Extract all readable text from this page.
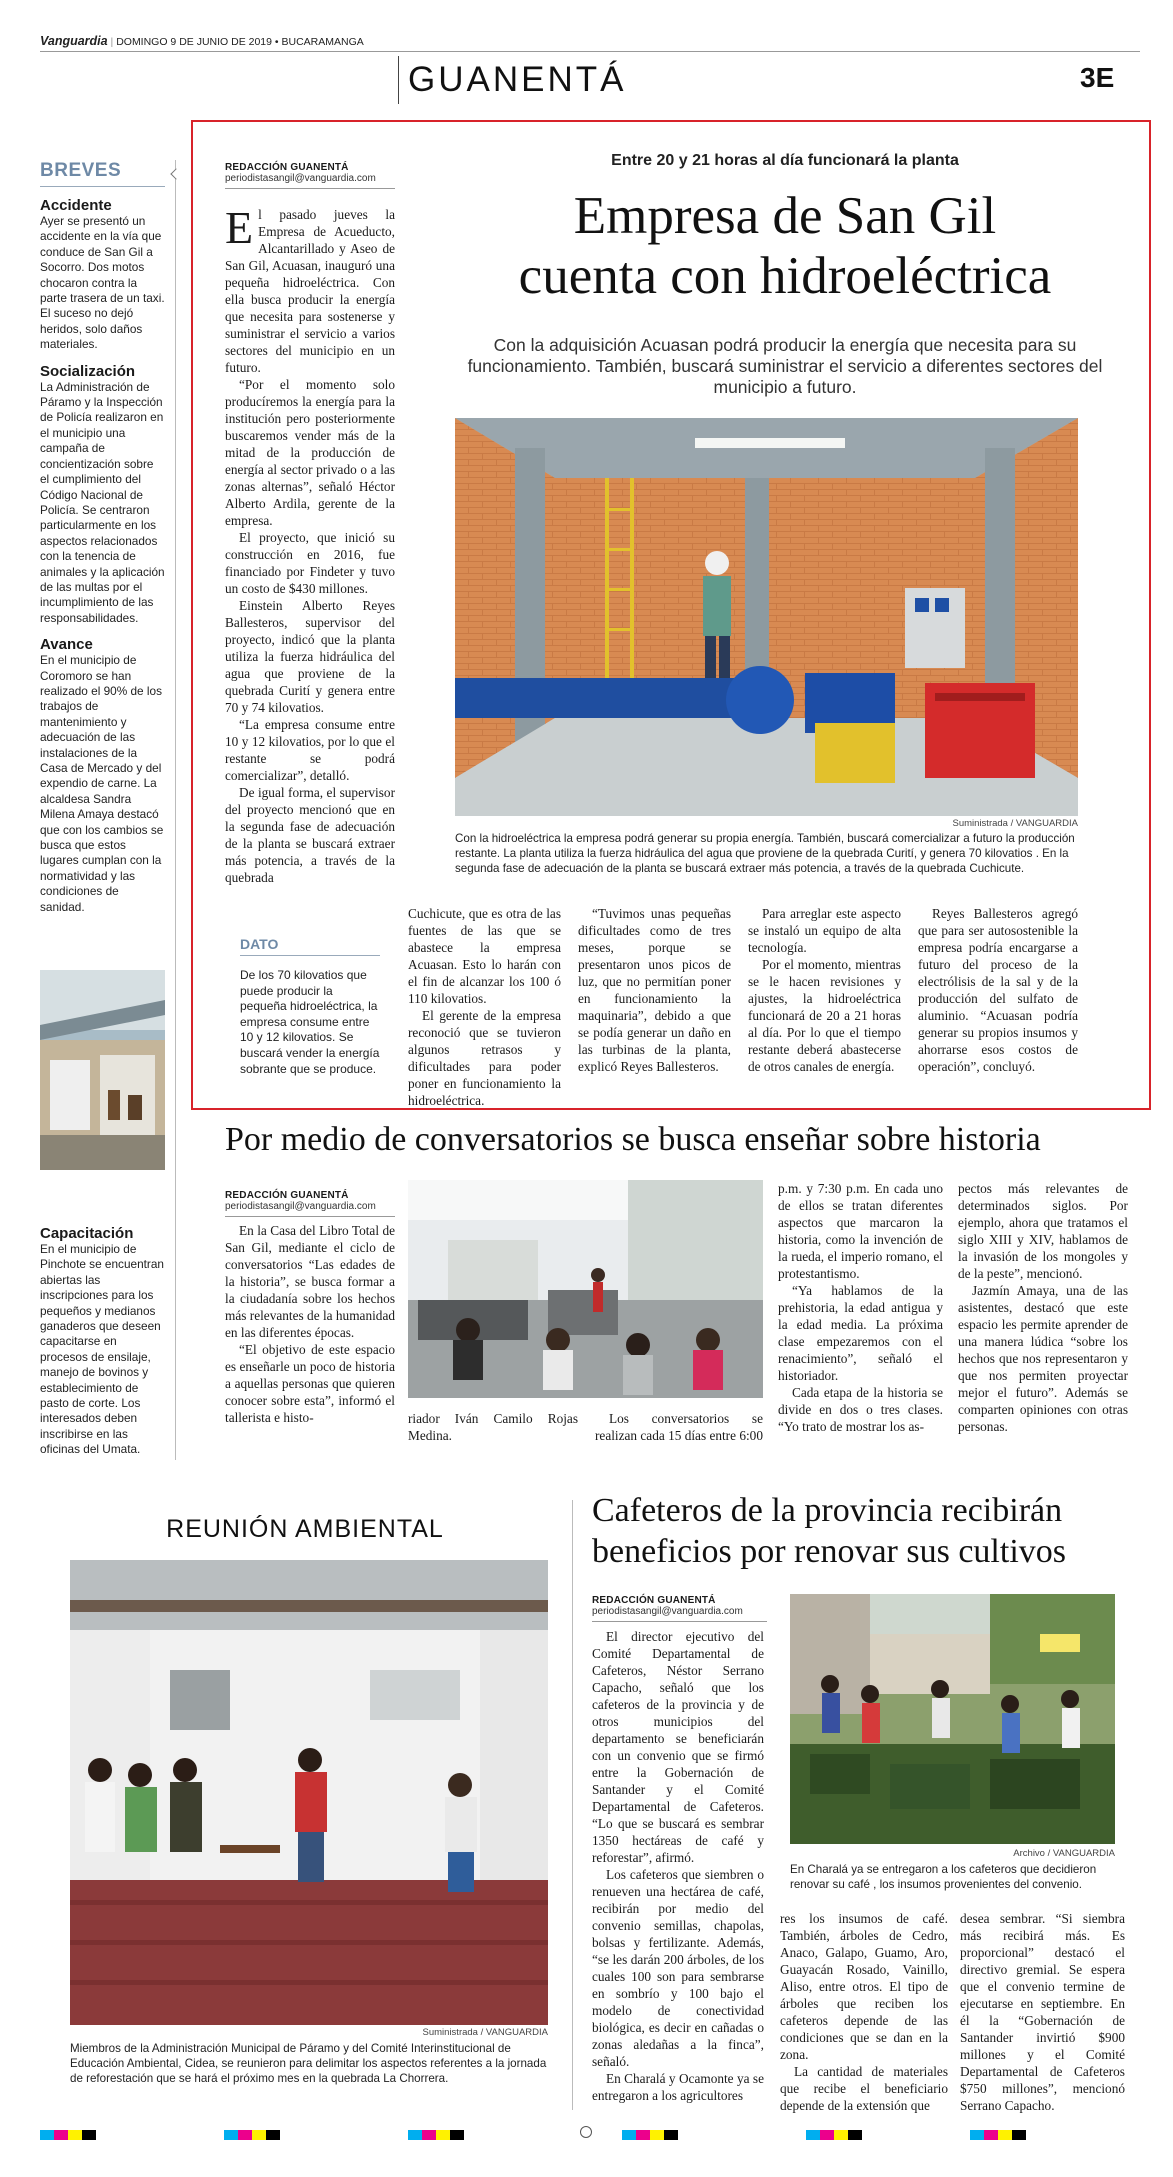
Vanguardia | DOMINGO 9 DE JUNIO DE 2019 • BUCARAMANGA
GUANENTÁ	3E
BREVES
Accidente

Ayer se presentó un accidente en la vía que conduce de San Gil a Socorro. Dos motos chocaron contra la parte trasera de un taxi. El suceso no dejó heridos, solo daños materiales.

Socialización

La Administración de Páramo y la Inspección de Policía realizaron en el municipio una campaña de concientización sobre el cumplimiento del Código Nacional de Policía. Se centraron particularmente en los aspectos relacionados con la tenencia de animales y la aplicación de las multas por el incumplimiento de las responsabilidades.

Avance

En el municipio de Coromoro se han realizado el 90% de los trabajos de mantenimiento y adecuación de las instalaciones de la Casa de Mercado y del expendio de carne. La alcaldesa Sandra Milena Amaya destacó que con los cambios se busca que estos lugares cumplan con la normatividad y las condiciones de sanidad.

Capacitación

En el municipio de Pinchote se encuentran abiertas las inscripciones para los pequeños y medianos ganaderos que deseen capacitarse en procesos de ensilaje, manejo de bovinos y establecimiento de pasto de corte. Los interesados deben inscribirse en las oficinas del Umata.

REDACCIÓN GUANENTÁ
periodistasangil@vanguardia.com
Entre 20 y 21 horas al día funcionará la planta
Empresa de San Gil cuenta con hidroeléctrica
Con la adquisición Acuasan podrá producir la energía que necesita para su funcionamiento. También, buscará suministrar el servicio a diferentes sectores del municipio a futuro.
Suministrada / VANGUARDIA
Con la hidroeléctrica la empresa podrá generar su propia energía. También, buscará comercializar a futuro la producción restante. La planta utiliza la fuerza hidráulica del agua que proviene de la quebrada Curití, y genera 70 kilovatios . En la segunda fase de adecuación de la planta se buscará extraer más potencia, a través de la quebrada Cuchicute.

El pasado jueves la Empresa de Acueducto, Alcantarillado y Aseo de San Gil, Acuasan, inauguró una pequeña hidroeléctrica. Con ella busca producir la energía que necesita para sostenerse y suministrar el servicio a varios sectores del municipio en un futuro.

“Por el momento solo producíremos la energía para la institución pero posteriormente buscaremos vender más de la mitad de la producción de energía al sector privado o a las zonas alternas”, señaló Héctor Alberto Ardila, gerente de la empresa.

El proyecto, que inició su construcción en 2016, fue financiado por Findeter y tuvo un costo de $430 millones.

Einstein Alberto Reyes Ballesteros, supervisor del proyecto, indicó que la planta utiliza la fuerza hidráulica del agua que proviene de la quebrada Curití y genera entre 70 y 74 kilovatios.

“La empresa consume entre 10 y 12 kilovatios, por lo que el restante se podrá comercializar”, detalló.

De igual forma, el supervisor del proyecto mencionó que en la segunda fase de adecuación de la planta se buscará extraer más potencia, a través de la quebrada

DATO
De los 70 kilovatios que puede producir la pequeña hidroeléctrica, la empresa consume entre 10 y 12 kilovatios. Se buscará vender la energía sobrante que se produce.

Cuchicute, que es otra de las fuentes de las que se abastece la empresa Acuasan. Esto lo harán con el fin de alcanzar los 100 ó 110 kilovatios.

El gerente de la empresa reconoció que se tuvieron algunos retrasos y dificultades para poder poner en funcionamiento la hidroeléctrica.

“Tuvimos unas pequeñas dificultades como de tres meses, porque se presentaron unos picos de luz, que no permitían poner en funcionamiento la maquinaria”, debido a que se podía generar un daño en las turbinas de la planta, explicó Reyes Ballesteros.

Para arreglar este aspecto se instaló un equipo de alta tecnología.

Por el momento, mientras se le hacen revisiones y ajustes, la hidroeléctrica funcionará de 20 a 21 horas al día. Por lo que el tiempo restante deberá abastecerse de otros canales de energía.

Reyes Ballesteros agregó que para ser autosostenible la empresa podría encargarse a futuro del proceso de la electrólisis de la sal y de la producción del sulfato de aluminio. “Acuasan podría generar su propios insumos y ahorrarse esos costos de operación”, concluyó.

Por medio de conversatorios se busca enseñar sobre historia
REDACCIÓN GUANENTÁ
periodistasangil@vanguardia.com

En la Casa del Libro Total de San Gil, mediante el ciclo de conversatorios “Las edades de la historia”, se busca formar a la ciudadanía sobre los hechos más relevantes de la humanidad en las diferentes épocas.

“El objetivo de este espacio es enseñarle un poco de historia a aquellas personas que quieren conocer sobre esta”, informó el tallerista e histo-	riador Iván Camilo Rojas Medina.

Los conversatorios se realizan cada 15 días entre 6:00

p.m. y 7:30 p.m. En cada uno de ellos se tratan diferentes aspectos que marcaron la historia, como la invención de la rueda, el imperio romano, el protestantismo.

“Ya hablamos de la prehistoria, la edad antigua y la edad media. La próxima clase empezaremos con el renacimiento”, señaló el historiador.

Cada etapa de la historia se divide en dos o tres clases. “Yo trato de mostrar los as-

pectos más relevantes de determinados siglos. Por ejemplo, ahora que tratamos el siglo XIII y XIV, hablamos de la invasión de los mongoles y de la peste”, mencionó.

Jazmín Amaya, una de las asistentes, destacó que este espacio les permite aprender de una manera lúdica “sobre los hechos que nos representaron y que nos permiten proyectar mejor el futuro”. Además se comparten opiniones con otras personas.

REUNIÓN AMBIENTAL
Suministrada / VANGUARDIA
Miembros de la Administración Municipal de Páramo y del Comité Interinstitucional de Educación Ambiental, Cidea, se reunieron para delimitar los aspectos referentes a la jornada de reforestación que se hará el próximo mes en la quebrada La Chorrera.
Cafeteros de la provincia recibirán beneficios por renovar sus cultivos
REDACCIÓN GUANENTÁ
periodistasangil@vanguardia.com

El director ejecutivo del Comité Departamental de Cafeteros, Néstor Serrano Capacho, señaló que los cafeteros de la provincia y de otros municipios del departamento se beneficiarán con un convenio que se firmó entre la Gobernación de Santander y el Comité Departamental de Cafeteros. “Lo que se buscará es sembrar 1350 hectáreas de café y reforestar”, afirmó.

Los cafeteros que siembren o renueven una hectárea de café, recibirán por medio del convenio semillas, chapolas, bolsas y fertilizante. Además, “se les darán 200 árboles, de los cuales 100 son para sembrarse en sombrío y 100 bajo el modelo de conectividad biológica, es decir en cañadas o zonas aledañas a la finca”, señaló.

En Charalá y Ocamonte ya se entregaron a los agricultores

Archivo / VANGUARDIA
En Charalá ya se entregaron a los cafeteros que decidieron renovar su café , los insumos provenientes del convenio.

res los insumos de café. También, árboles de Cedro, Anaco, Galapo, Guamo, Aro, Guayacán Rosado, Vainillo, Aliso, entre otros. El tipo de árboles que reciben los cafeteros depende de las condiciones que se dan en la zona.

La cantidad de materiales que recibe el beneficiario depende de la extensión que

desea sembrar. “Si siembra más recibirá más. Es proporcional” destacó el directivo gremial. Se espera que el convenio termine de ejecutarse en septiembre. En él la “Gobernación de Santander invirtió $900 millones y el Comité Departamental de Cafeteros $750 millones”, mencionó Serrano Capacho.
